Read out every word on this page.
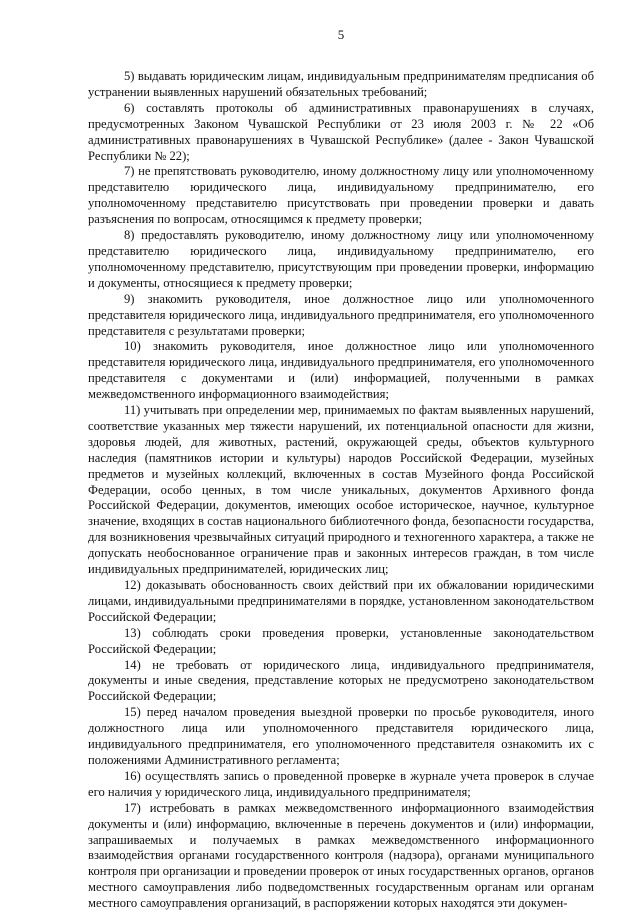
5

5) выдавать юридическим лицам, индивидуальным предпринимателям предписания об устранении выявленных нарушений обязательных требований;

6) составлять протоколы об административных правонарушениях в случаях, предусмотренных Законом Чувашской Республики от 23 июля 2003 г. № 22 «Об административных правонарушениях в Чувашской Республике» (далее - Закон Чувашской Республики № 22);

7) не препятствовать руководителю, иному должностному лицу или уполномоченному представителю юридического лица, индивидуальному предпринимателю, его уполномоченному представителю присутствовать при проведении проверки и давать разъяснения по вопросам, относящимся к предмету проверки;

8) предоставлять руководителю, иному должностному лицу или уполномоченному представителю юридического лица, индивидуальному предпринимателю, его уполномоченному представителю, присутствующим при проведении проверки, информацию и документы, относящиеся к предмету проверки;

9) знакомить руководителя, иное должностное лицо или уполномоченного представителя юридического лица, индивидуального предпринимателя, его уполномоченного представителя с результатами проверки;

10) знакомить руководителя, иное должностное лицо или уполномоченного представителя юридического лица, индивидуального предпринимателя, его уполномоченного представителя с документами и (или) информацией, полученными в рамках межведомственного информационного взаимодействия;

11) учитывать при определении мер, принимаемых по фактам выявленных нарушений, соответствие указанных мер тяжести нарушений, их потенциальной опасности для жизни, здоровья людей, для животных, растений, окружающей среды, объектов культурного наследия (памятников истории и культуры) народов Российской Федерации, музейных предметов и музейных коллекций, включенных в состав Музейного фонда Российской Федерации, особо ценных, в том числе уникальных, документов Архивного фонда Российской Федерации, документов, имеющих особое историческое, научное, культурное значение, входящих в состав национального библиотечного фонда, безопасности государства, для возникновения чрезвычайных ситуаций природного и техногенного характера, а также не допускать необоснованное ограничение прав и законных интересов граждан, в том числе индивидуальных предпринимателей, юридических лиц;

12) доказывать обоснованность своих действий при их обжаловании юридическими лицами, индивидуальными предпринимателями в порядке, установленном законодательством Российской Федерации;

13) соблюдать сроки проведения проверки, установленные законодательством Российской Федерации;

14) не требовать от юридического лица, индивидуального предпринимателя, документы и иные сведения, представление которых не предусмотрено законодательством Российской Федерации;

15) перед началом проведения выездной проверки по просьбе руководителя, иного должностного лица или уполномоченного представителя юридического лица, индивидуального предпринимателя, его уполномоченного представителя ознакомить их с положениями Административного регламента;

16) осуществлять запись о проведенной проверке в журнале учета проверок в случае его наличия у юридического лица, индивидуального предпринимателя;

17) истребовать в рамках межведомственного информационного взаимодействия документы и (или) информацию, включенные в перечень документов и (или) информации, запрашиваемых и получаемых в рамках межведомственного информационного взаимодействия органами государственного контроля (надзора), органами муниципального контроля при организации и проведении проверок от иных государственных органов, органов местного самоуправления либо подведомственных государственным органам или органам местного самоуправления организаций, в распоряжении которых находятся эти докумен-
